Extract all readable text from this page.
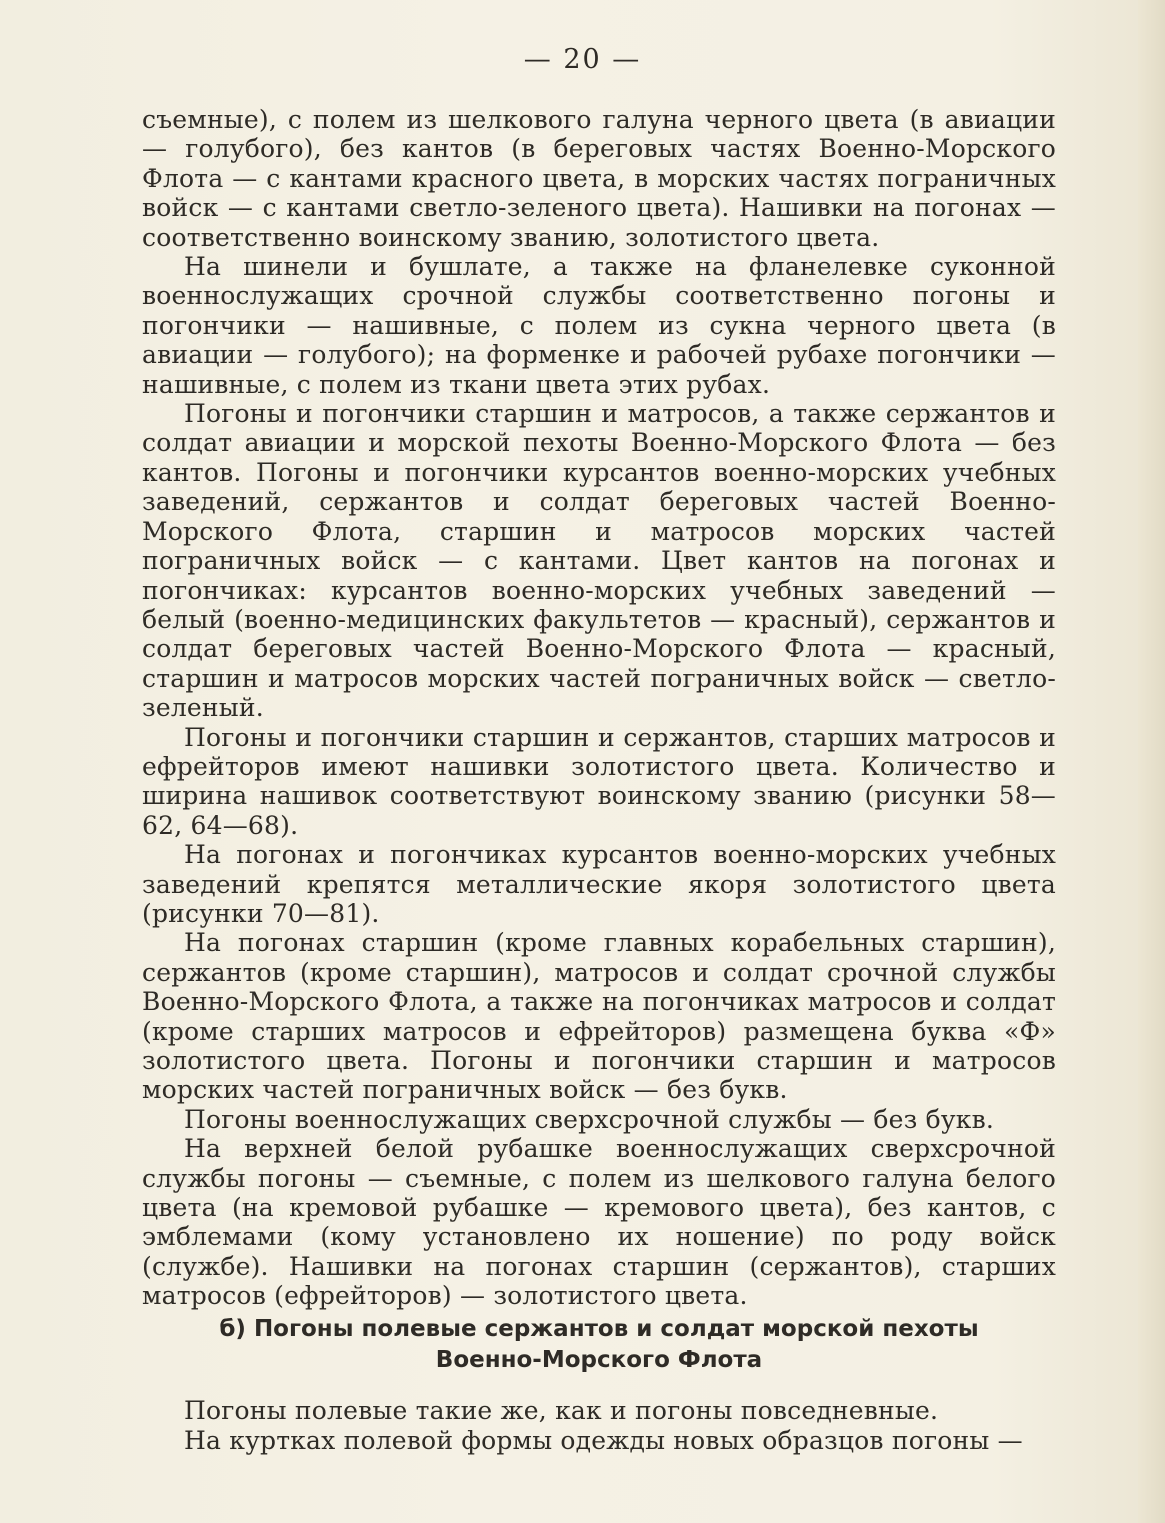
— 20 —

съемные), с полем из шелкового галуна черного цвета (в авиации — голубого), без кантов (в береговых частях Военно-Морского Флота — с кантами красного цвета, в морских частях пограничных войск — с кантами светло-зеленого цвета). Нашивки на погонах — соответственно воинскому званию, золотистого цвета.

На шинели и бушлате, а также на фланелевке суконной военнослужащих срочной службы соответственно погоны и погончики — нашивные, с полем из сукна черного цвета (в авиации — голубого); на форменке и рабочей рубахе погончики — нашивные, с полем из ткани цвета этих рубах.

Погоны и погончики старшин и матросов, а также сержантов и солдат авиации и морской пехоты Военно-Морского Флота — без кантов. Погоны и погончики курсантов военно-морских учебных заведений, сержантов и солдат береговых частей Военно-Морского Флота, старшин и матросов морских частей пограничных войск — с кантами. Цвет кантов на погонах и погончиках: курсантов военно-морских учебных заведений — белый (военно-медицинских факультетов — красный), сержантов и солдат береговых частей Военно-Морского Флота — красный, старшин и матросов морских частей пограничных войск — светло-зеленый.

Погоны и погончики старшин и сержантов, старших матросов и ефрейторов имеют нашивки золотистого цвета. Количество и ширина нашивок соответствуют воинскому званию (рисунки 58—62, 64—68).

На погонах и погончиках курсантов военно-морских учебных заведений крепятся металлические якоря золотистого цвета (рисунки 70—81).

На погонах старшин (кроме главных корабельных старшин), сержантов (кроме старшин), матросов и солдат срочной службы Военно-Морского Флота, а также на погончиках матросов и солдат (кроме старших матросов и ефрейторов) размещена буква «Ф» золотистого цвета. Погоны и погончики старшин и матросов морских частей пограничных войск — без букв.

Погоны военнослужащих сверхсрочной службы — без букв.

На верхней белой рубашке военнослужащих сверхсрочной службы погоны — съемные, с полем из шелкового галуна белого цвета (на кремовой рубашке — кремового цвета), без кантов, с эмблемами (кому установлено их ношение) по роду войск (службе). Нашивки на погонах старшин (сержантов), старших матросов (ефрейторов) — золотистого цвета.

б) Погоны полевые сержантов и солдат морской пехоты
Военно-Морского Флота

Погоны полевые такие же, как и погоны повседневные.

На куртках полевой формы одежды новых образцов погоны —
